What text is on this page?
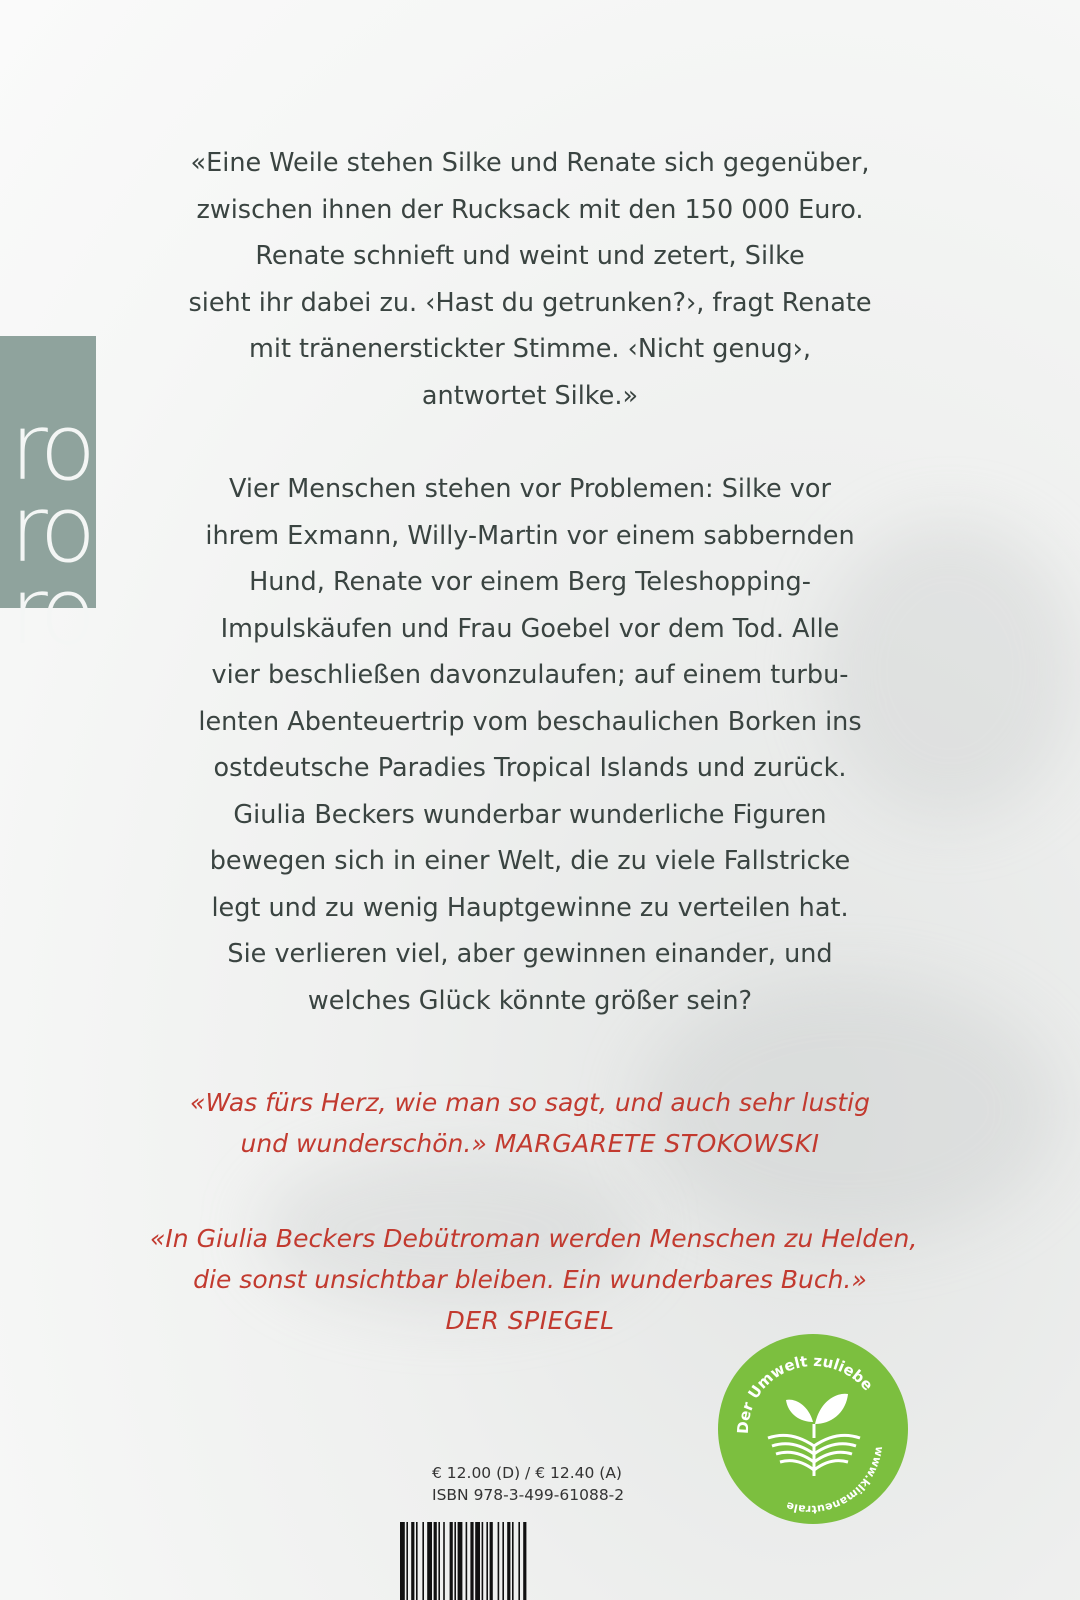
ro
ro
ro

«Eine Weile stehen Silke und Renate sich gegenüber,
zwischen ihnen der Rucksack mit den 150 000 Euro.
Renate schnieft und weint und zetert, Silke
sieht ihr dabei zu. ‹Hast du getrunken?›, fragt Renate
mit tränenerstickter Stimme. ‹Nicht genug›,
antwortet Silke.»

Vier Menschen stehen vor Problemen: Silke vor
ihrem Exmann, Willy-Martin vor einem sabbernden
Hund, Renate vor einem Berg Teleshopping-
Impulskäufen und Frau Goebel vor dem Tod. Alle
vier beschließen davonzulaufen; auf einem turbu-
lenten Abenteuertrip vom beschaulichen Borken ins
ostdeutsche Paradies Tropical Islands und zurück.
Giulia Beckers wunderbar wunderliche Figuren
bewegen sich in einer Welt, die zu viele Fallstricke
legt und zu wenig Hauptgewinne zu verteilen hat.
Sie verlieren viel, aber gewinnen einander, und
welches Glück könnte größer sein?

«Was fürs Herz, wie man so sagt, und auch sehr lustig
und wunderschön.» MARGARETE STOKOWSKI

«In Giulia Beckers Debütroman werden Menschen zu Helden,
die sonst unsichtbar bleiben. Ein wunderbares Buch.»
DER SPIEGEL

Der Umwelt zuliebe
www.klimaneutrale
€ 12.00 (D) / € 12.40 (A)
ISBN 978-3-499-61088-2
